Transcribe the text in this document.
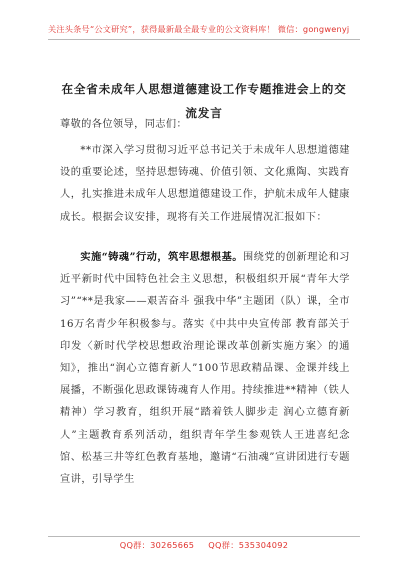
关注头条号“公文研究”，获得最新最全最专业的公文资料库！ 微信：gongwenyj
在全省未成年人思想道德建设工作专题推进会上的交流发言
尊敬的各位领导，同志们：

**市深入学习贯彻习近平总书记关于未成年人思想道德建设的重要论述，坚持思想铸魂、价值引领、文化熏陶、实践育人，扎实推进未成年人思想道德建设工作，护航未成年人健康成长。根据会议安排，现将有关工作进展情况汇报如下：

实施“铸魂”行动，筑牢思想根基。围绕党的创新理论和习近平新时代中国特色社会主义思想，积极组织开展“青年大学习”“**是我家——艰苦奋斗 强我中华”主题团（队）课，全市16万名青少年积极参与。落实《中共中央宣传部 教育部关于印发〈新时代学校思想政治理论课改革创新实施方案〉的通知》，推出“润心立德育新人”100节思政精品课、金课并线上展播，不断强化思政课铸魂育人作用。持续推进**精神（铁人精神）学习教育，组织开展“踏着铁人脚步走 润心立德育新人”主题教育系列活动，组织青年学生参观铁人王进喜纪念馆、松基三井等红色教育基地，邀请“石油魂”宣讲团进行专题宣讲，引导学生

QQ群：30265665 QQ群：535304092
